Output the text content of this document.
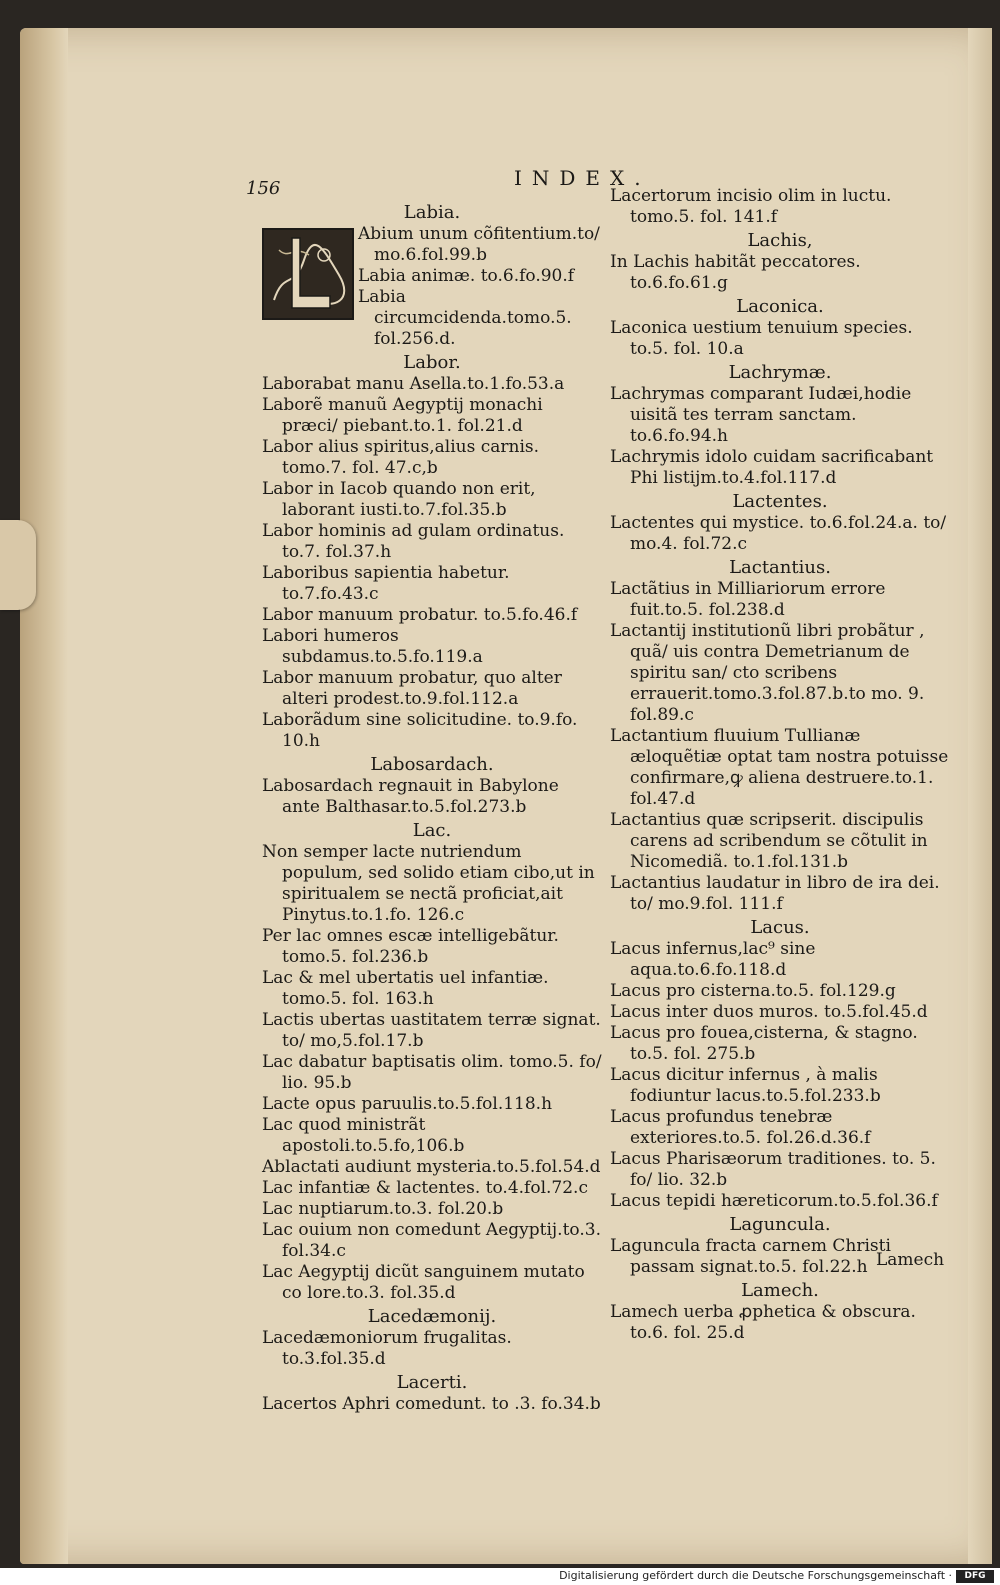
156	INDEX.
Labia.

Abium unum cõfitentium.to/ mo.6.fol.99.b

Labia animæ. to.6.fo.90.f

Labia circumcidenda.tomo.5. fol.256.d.

Labor.

Laborabat manu Asella.to.1.fo.53.a

Laborẽ manuũ Aegyptij monachi præci/ piebant.to.1. fol.21.d

Labor alius spiritus,alius carnis. tomo.7. fol. 47.c,b

Labor in Iacob quando non erit, laborant iusti.to.7.fol.35.b

Labor hominis ad gulam ordinatus. to.7. fol.37.h

Laboribus sapientia habetur. to.7.fo.43.c

Labor manuum probatur. to.5.fo.46.f

Labori humeros subdamus.to.5.fo.119.a

Labor manuum probatur, quo alter alteri prodest.to.9.fol.112.a

Laborãdum sine solicitudine. to.9.fo. 10.h

Labosardach.

Labosardach regnauit in Babylone ante Balthasar.to.5.fol.273.b

Lac.

Non semper lacte nutriendum populum, sed solido etiam cibo,ut in spiritualem se nectã proficiat,ait Pinytus.to.1.fo. 126.c

Per lac omnes escæ intelligebãtur. tomo.5. fol.236.b

Lac & mel ubertatis uel infantiæ. tomo.5. fol. 163.h

Lactis ubertas uastitatem terræ signat. to/ mo,5.fol.17.b

Lac dabatur baptisatis olim. tomo.5. fo/ lio. 95.b

Lacte opus paruulis.to.5.fol.118.h

Lac quod ministrãt apostoli.to.5.fo,106.b

Ablactati audiunt mysteria.to.5.fol.54.d

Lac infantiæ & lactentes. to.4.fol.72.c

Lac nuptiarum.to.3. fol.20.b

Lac ouium non comedunt Aegyptij.to.3. fol.34.c

Lac Aegyptij dicũt sanguinem mutato co lore.to.3. fol.35.d

Lacedæmonij.

Lacedæmoniorum frugalitas. to.3.fol.35.d

Lacerti.

Lacertos Aphri comedunt. to .3. fo.34.b

Lacertorum incisio olim in luctu. tomo.5. fol. 141.f

Lachis,

In Lachis habitãt peccatores. to.6.fo.61.g

Laconica.

Laconica uestium tenuium species. to.5. fol. 10.a

Lachrymæ.

Lachrymas comparant Iudæi,hodie uisitã tes terram sanctam. to.6.fo.94.h

Lachrymis idolo cuidam sacrificabant Phi listijm.to.4.fol.117.d

Lactentes.

Lactentes qui mystice. to.6.fol.24.a. to/ mo.4. fol.72.c

Lactantius.

Lactãtius in Milliariorum errore fuit.to.5. fol.238.d

Lactantij institutionũ libri probãtur , quã/ uis contra Demetrianum de spiritu san/ cto scribens errauerit.tomo.3.fol.87.b.to mo. 9. fol.89.c

Lactantium fluuium Tullianæ æloquẽtiæ optat tam nostra potuisse confirmare,ꝙ aliena destruere.to.1. fol.47.d

Lactantius quæ scripserit. discipulis carens ad scribendum se cõtulit in Nicomediã. to.1.fol.131.b

Lactantius laudatur in libro de ira dei. to/ mo.9.fol. 111.f

Lacus.

Lacus infernus,lac⁹ sine aqua.to.6.fo.118.d

Lacus pro cisterna.to.5. fol.129.g

Lacus inter duos muros. to.5.fol.45.d

Lacus pro fouea,cisterna, & stagno. to.5. fol. 275.b

Lacus dicitur infernus , à malis fodiuntur lacus.to.5.fol.233.b

Lacus profundus tenebræ exteriores.to.5. fol.26.d.36.f

Lacus Pharisæorum traditiones. to. 5. fo/ lio. 32.b

Lacus tepidi hæreticorum.to.5.fol.36.f

Laguncula.

Laguncula fracta carnem Christi passam signat.to.5. fol.22.h

Lamech.

Lamech uerba ꝓphetica & obscura. to.6. fol. 25.d

Lamech
Digitalisierung gefördert durch die Deutsche Forschungsgemeinschaft ·	DFG
